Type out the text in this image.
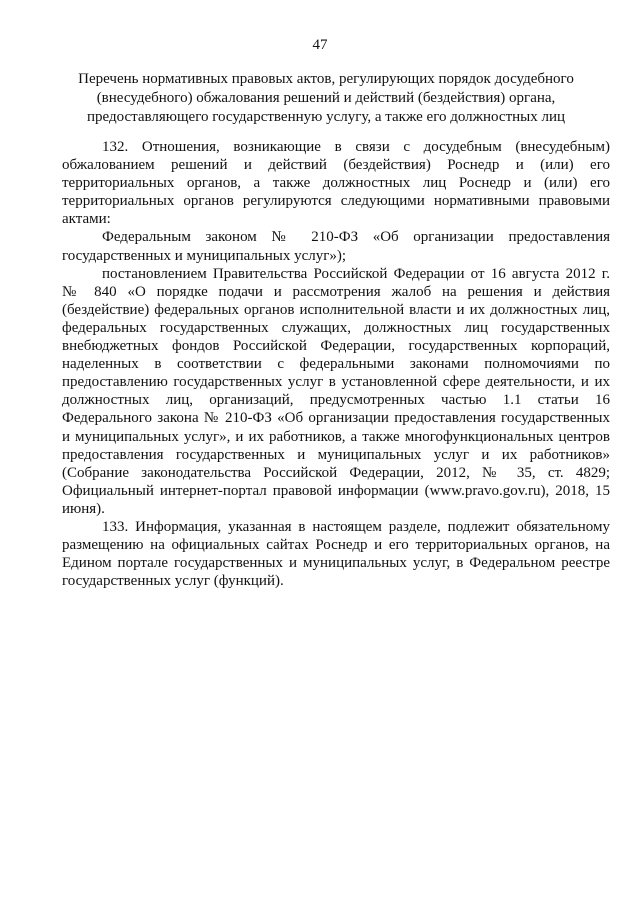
47
Перечень нормативных правовых актов, регулирующих порядок досудебного
(внесудебного) обжалования решений и действий (бездействия) органа,
предоставляющего государственную услугу, а также его должностных лиц
132. Отношения, возникающие в связи с досудебным (внесудебным)
обжалованием решений и действий (бездействия) Роснедр и (или) его
территориальных органов, а также должностных лиц Роснедр и (или) его
территориальных органов регулируются следующими нормативными правовыми
актами:
Федеральным законом № 210-ФЗ «Об организации предоставления
государственных и муниципальных услуг»);
постановлением Правительства Российской Федерации от 16 августа 2012 г.
№ 840 «О порядке подачи и рассмотрения жалоб на решения и действия
(бездействие) федеральных органов исполнительной власти и их должностных лиц,
федеральных государственных служащих, должностных лиц государственных
внебюджетных фондов Российской Федерации, государственных корпораций,
наделенных в соответствии с федеральными законами полномочиями по
предоставлению государственных услуг в установленной сфере деятельности, и их
должностных лиц, организаций, предусмотренных частью 1.1 статьи 16
Федерального закона № 210-ФЗ «Об организации предоставления государственных
и муниципальных услуг», и их работников, а также многофункциональных центров
предоставления государственных и муниципальных услуг и их работников»
(Собрание законодательства Российской Федерации, 2012, № 35, ст. 4829;
Официальный интернет-портал правовой информации (www.pravo.gov.ru), 2018, 15
июня).
133. Информация, указанная в настоящем разделе, подлежит обязательному
размещению на официальных сайтах Роснедр и его территориальных органов, на
Едином портале государственных и муниципальных услуг, в Федеральном реестре
государственных услуг (функций).
